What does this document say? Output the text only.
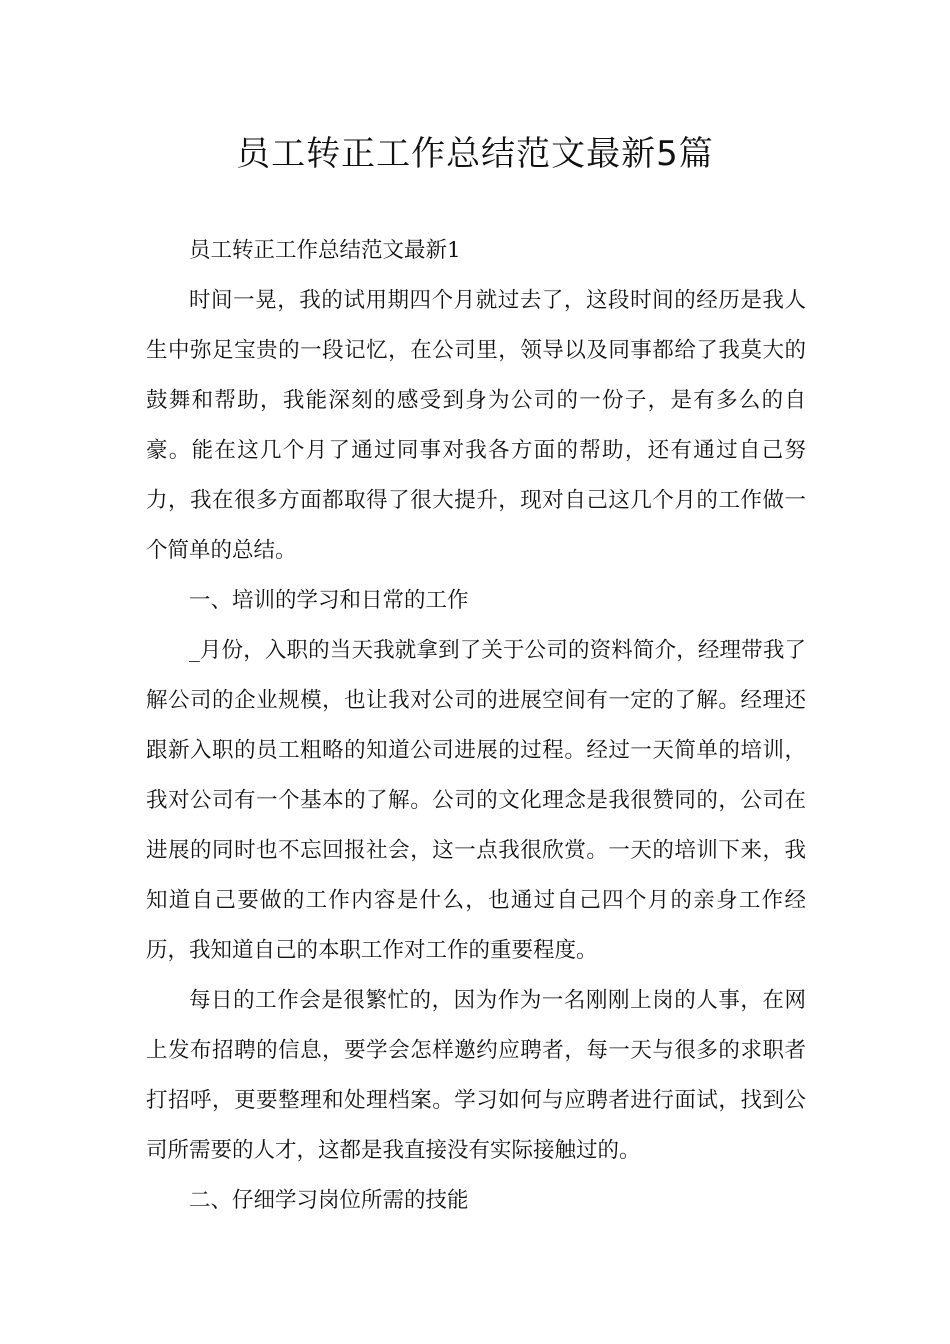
员工转正工作总结范文最新5篇

员工转正工作总结范文最新1

时间一晃，我的试用期四个月就过去了，这段时间的经历是我人生中弥足宝贵的一段记忆，在公司里，领导以及同事都给了我莫大的鼓舞和帮助，我能深刻的感受到身为公司的一份子，是有多么的自豪。能在这几个月了通过同事对我各方面的帮助，还有通过自己努力，我在很多方面都取得了很大提升，现对自己这几个月的工作做一个简单的总结。

一、培训的学习和日常的工作

_月份，入职的当天我就拿到了关于公司的资料简介，经理带我了解公司的企业规模，也让我对公司的进展空间有一定的了解。经理还跟新入职的员工粗略的知道公司进展的过程。经过一天简单的培训，我对公司有一个基本的了解。公司的文化理念是我很赞同的，公司在进展的同时也不忘回报社会，这一点我很欣赏。一天的培训下来，我知道自己要做的工作内容是什么，也通过自己四个月的亲身工作经历，我知道自己的本职工作对工作的重要程度。

每日的工作会是很繁忙的，因为作为一名刚刚上岗的人事，在网上发布招聘的信息，要学会怎样邀约应聘者，每一天与很多的求职者打招呼，更要整理和处理档案。学习如何与应聘者进行面试，找到公司所需要的人才，这都是我直接没有实际接触过的。

二、仔细学习岗位所需的技能
